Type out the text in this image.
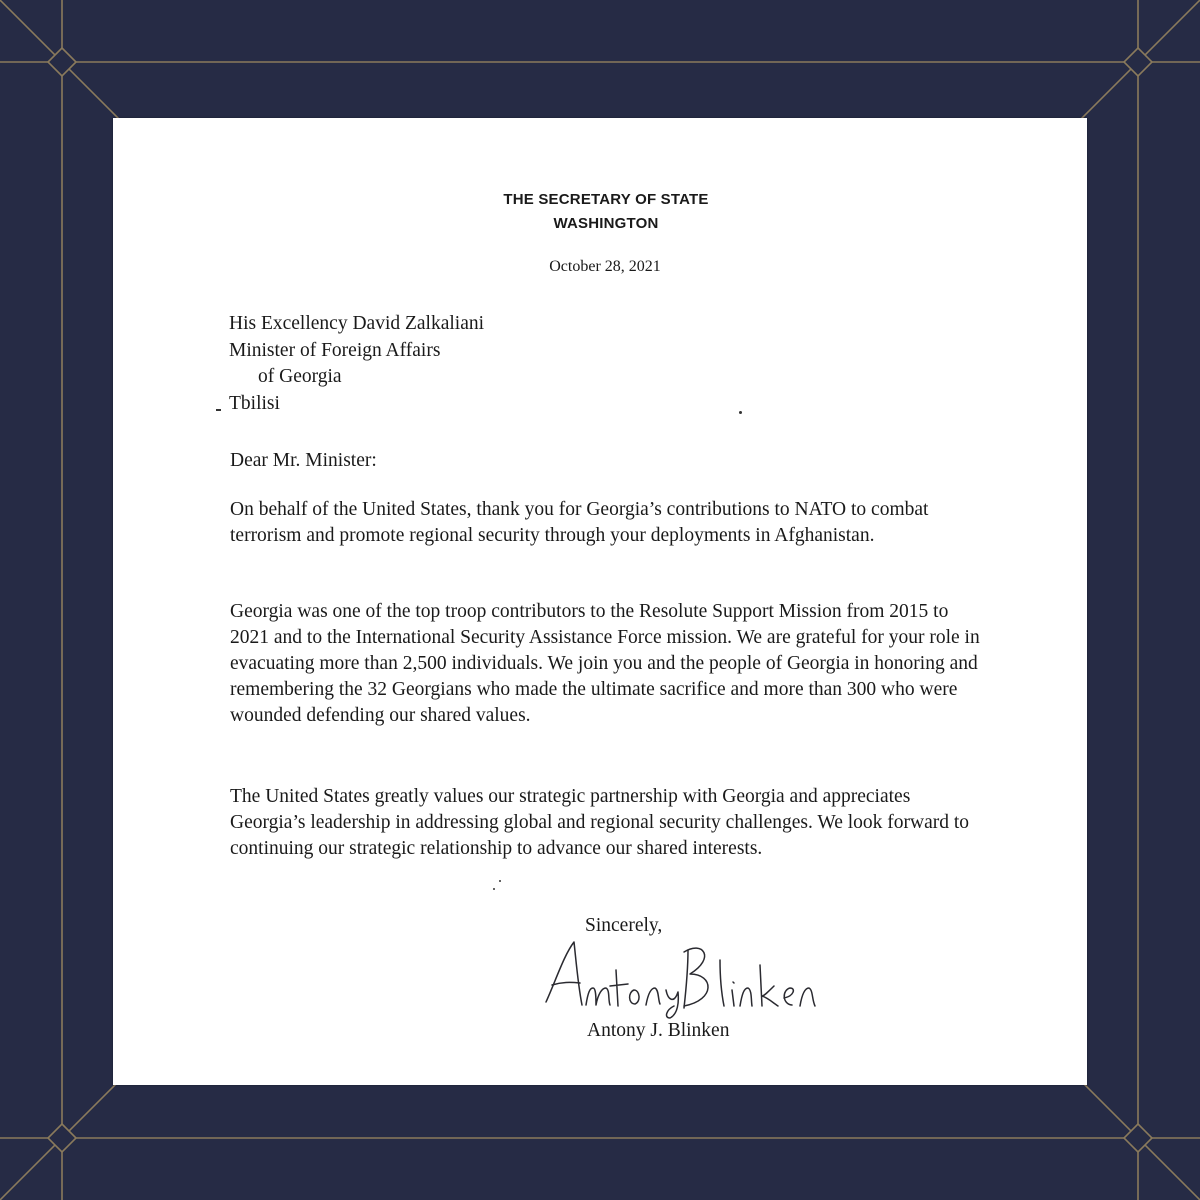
THE SECRETARY OF STATE
WASHINGTON
October 28, 2021
His Excellency David Zalkaliani
Minister of Foreign Affairs
of Georgia
Tbilisi
Dear Mr. Minister:

On behalf of the United States, thank you for Georgia’s contributions to NATO to combat terrorism and promote regional security through your deployments in Afghanistan.

Georgia was one of the top troop contributors to the Resolute Support Mission from 2015 to 2021 and to the International Security Assistance Force mission. We are grateful for your role in evacuating more than 2,500 individuals. We join you and the people of Georgia in honoring and remembering the 32 Georgians who made the ultimate sacrifice and more than 300 who were wounded defending our shared values.

The United States greatly values our strategic partnership with Georgia and appreciates Georgia’s leadership in addressing global and regional security challenges. We look forward to continuing our strategic relationship to advance our shared interests.

Sincerely,
Antony J. Blinken
